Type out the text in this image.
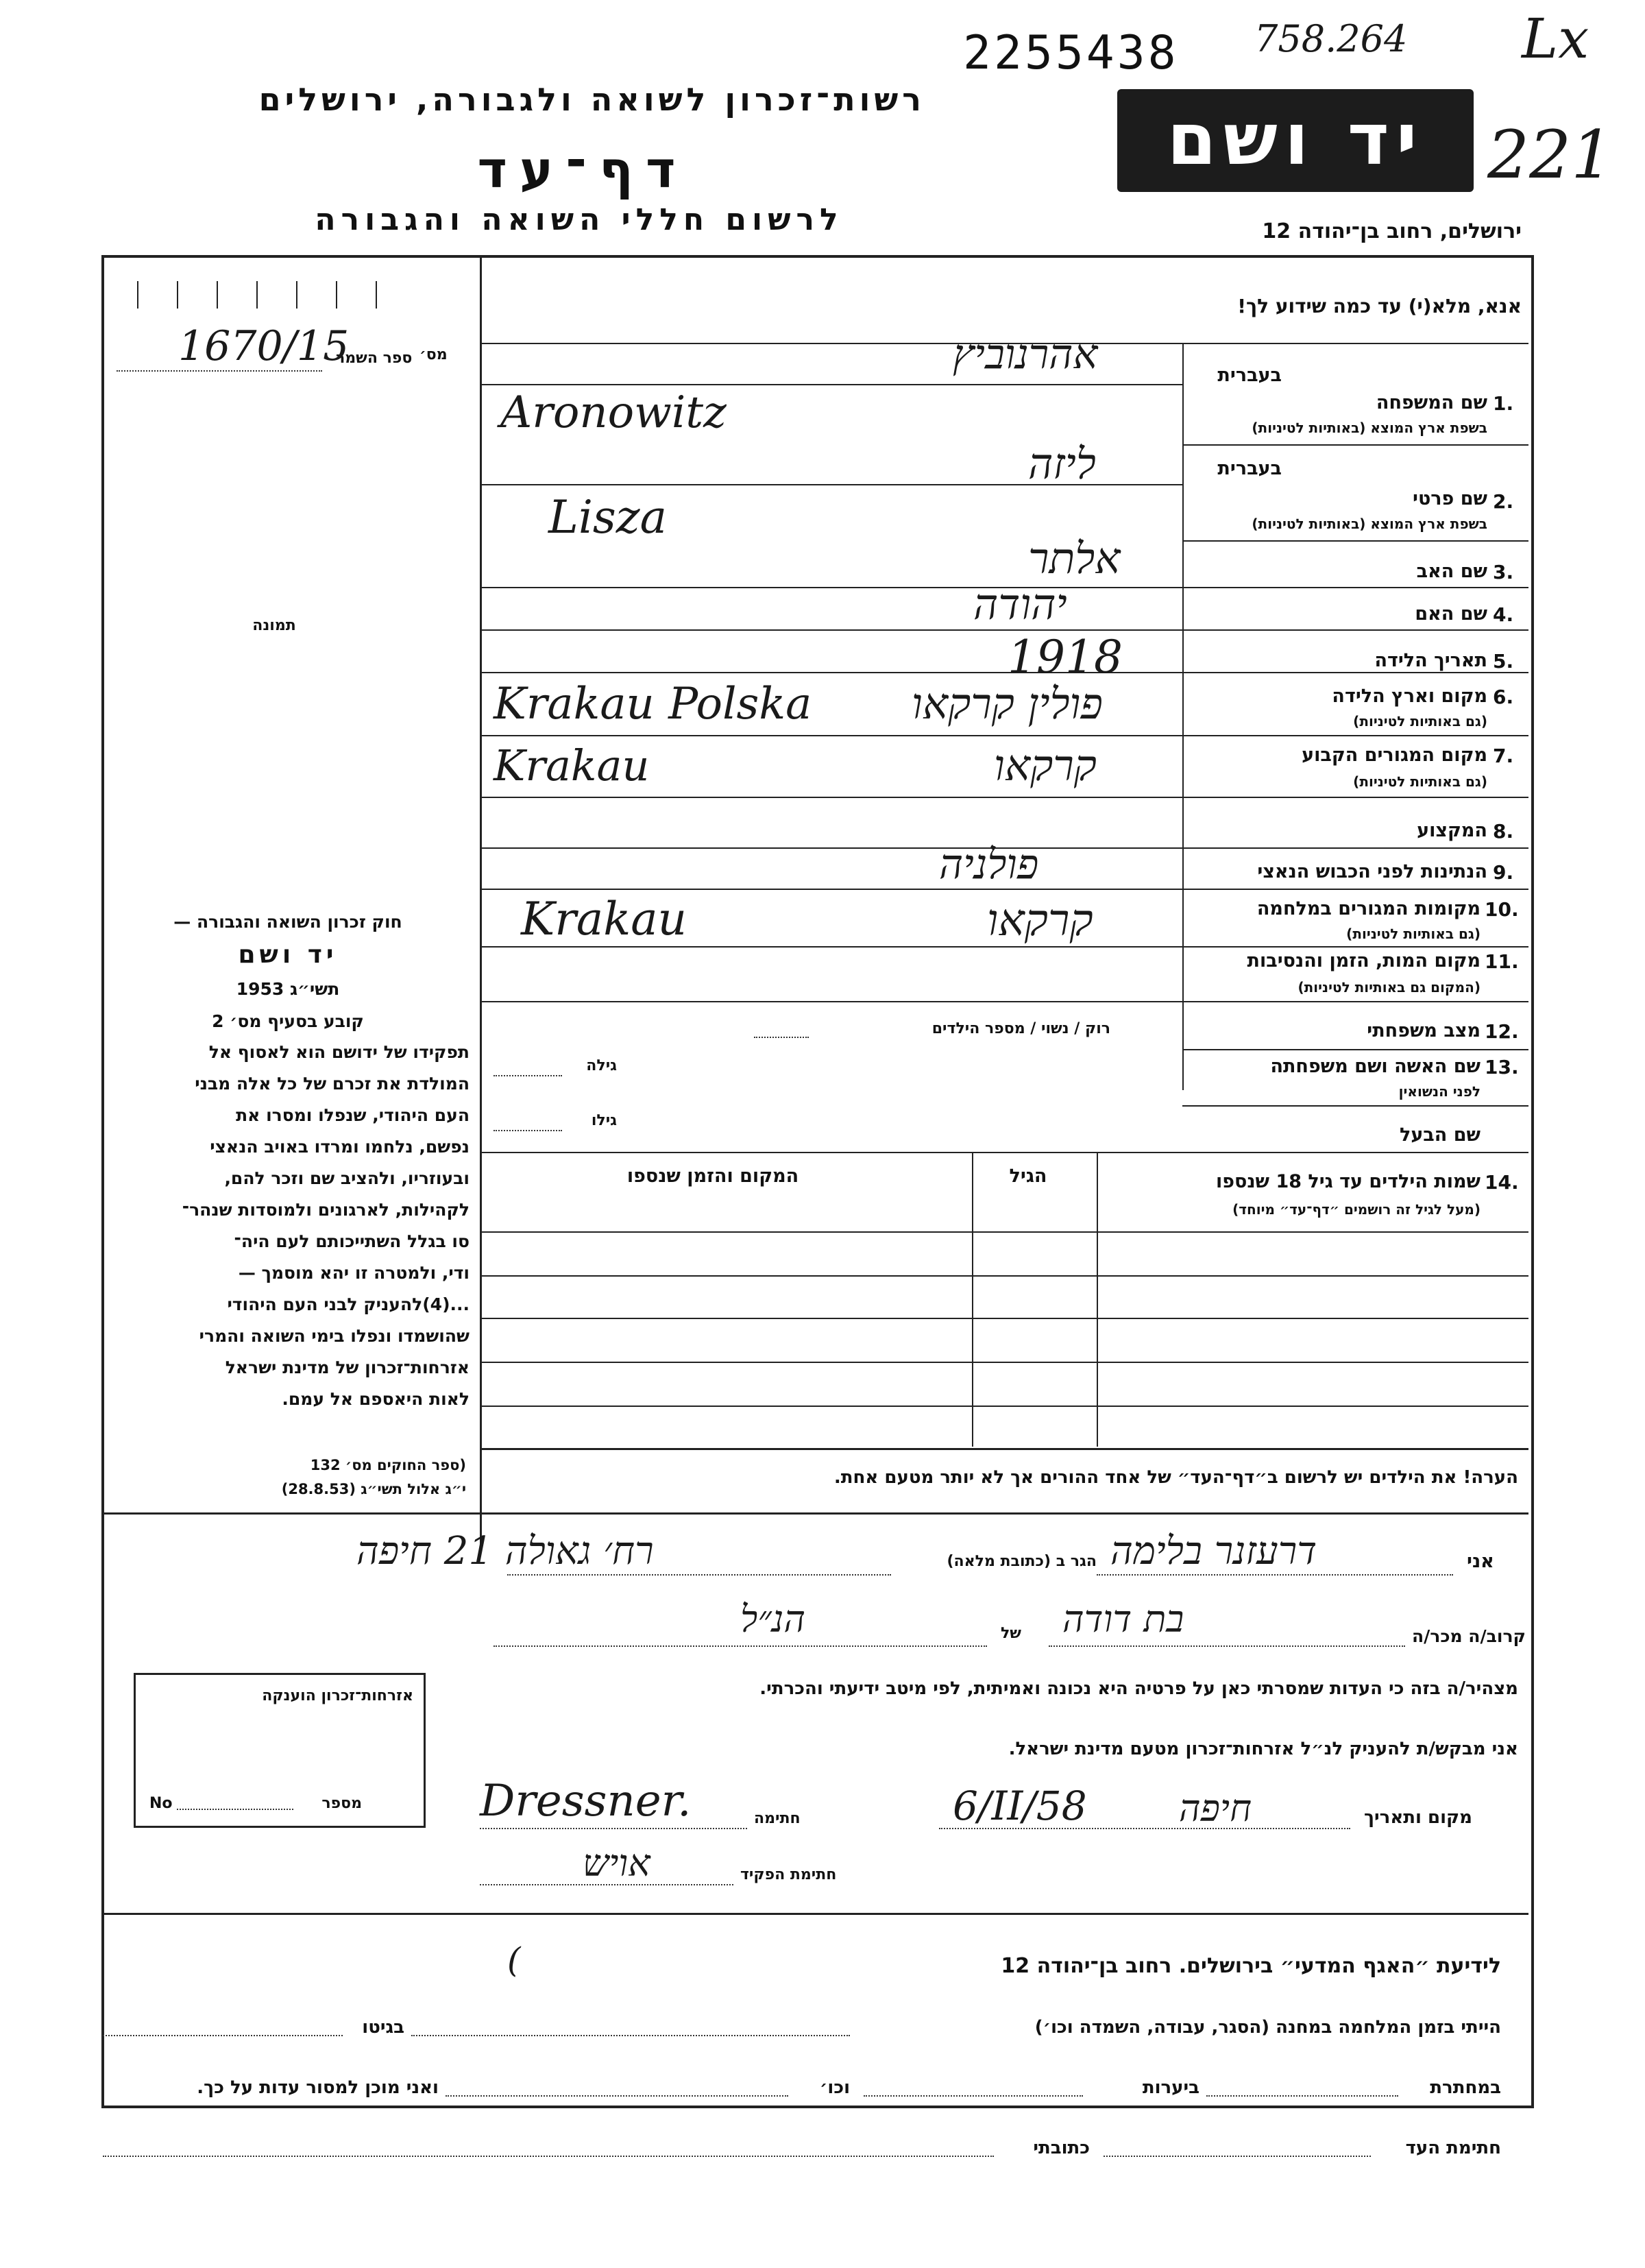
2255438 758.264 Lx
רשות־זכרון לשואה ולגבורה, ירושלים
דף־עד
לרשום חללי השואה והגבורה
יד ושם 221
ירושלים, רחוב בן־יהודה 12
מס׳
ספר השמר
1670/15
תמונה
חוק זכרון השואה והגבורה —
יד ושם
תשי״ג 1953
קובע בסעיף מס׳ 2
תפקידו של ידושם הוא לאסוף אל
המולדת את זכרם של כל אלה מבני
העם היהודי, שנפלו ומסרו את
נפשם, נלחמו ומרדו באויב הנאצי
ובעוזריו, ולהציב שם וזכר להם,
לקהילות, לארגונים ולמוסדות שנהר־
סו בגלל השתייכותם לעם היה־
ודי, ולמטרה זו יהא מוסמך —
...(4)להעניק לבני העם היהודי
שהושמדו ונפלו בימי השואה והמרי
אזרחות־זכרון של מדינת ישראל
לאות היאספם אל עמם.
(ספר החוקים מס׳ 132
י״ג אלול תשי״ג (28.8.53)
אנא, מלא(י) עד כמה שידוע לך!
בעברית
1.
שם המשפחה
בשפת ארץ המוצא (באותיות לטיניות)
אהרנוביץ
Aronowitz
בעברית
2.
שם פרטי
בשפת ארץ המוצא (באותיות לטיניות)
ליזה
Lisza
3.
שם האב
אלתר
4.
שם האם
יהודה
5.
תאריך הלידה
1918
6.
מקום וארץ הלידה
(גם באותיות לטיניות)
פולין קרקאו
Krakau Polska
7.
מקום המגורים הקבוע
(גם באותיות לטיניות)
קרקאו
Krakau
8.
המקצוע
9.
הנתינות לפני הכבוש הנאצי
פולניה
10.
מקומות המגורים במלחמה
(גם באותיות לטיניות)
קרקאו
Krakau
11.
מקום המות, הזמן והנסיבות
(המקום גם באותיות לטיניות)
רוק / נשוי / מספר הילדים	12.
מצב משפחתי
גילה	13.
שם האשה ושם משפחתה
לפני הנשואין
גילו
שם הבעל
14.
שמות הילדים עד גיל 18 שנספו
(מעל לגיל זה רושמים ״דף־עד״ מיוחד)
הגיל
המקום והזמן שנספו
הערה! את הילדים יש לרשום ב״דף־העד״ של אחד ההורים אך לא יותר מטעם אחת.
אני
דרעזנר בלימה
הגר ב (כתובת מלאה)
רח׳ גאולה 21 חיפה
קרוב/ה מכר/ה
בת דודה
של
הנ״ל
מצהיר/ה בזה כי העדות שמסרתי כאן על פרטיה היא נכונה ואמיתית, לפי מיטב ידיעתי והכרתי.
אני מבקש/ת להעניק לנ״ל אזרחות־זכרון מטעם מדינת ישראל.
מקום ותאריך
6/II/58 חיפה
חתימה
Dressner.
חתימת הפקיד
אויש
אזרחות־זכרון הוענקה
מספר
No
לידיעת ״האגף המדעי״ בירושלים. רחוב בן־יהודה 12
(
הייתי בזמן המלחמה במחנה (הסגר, עבודה, השמדה וכו׳)
בגיטו
במחתרת
ביערות
וכו׳
ואני מוכן למסור עדות על כך.
חתימת העד
כתובתי
